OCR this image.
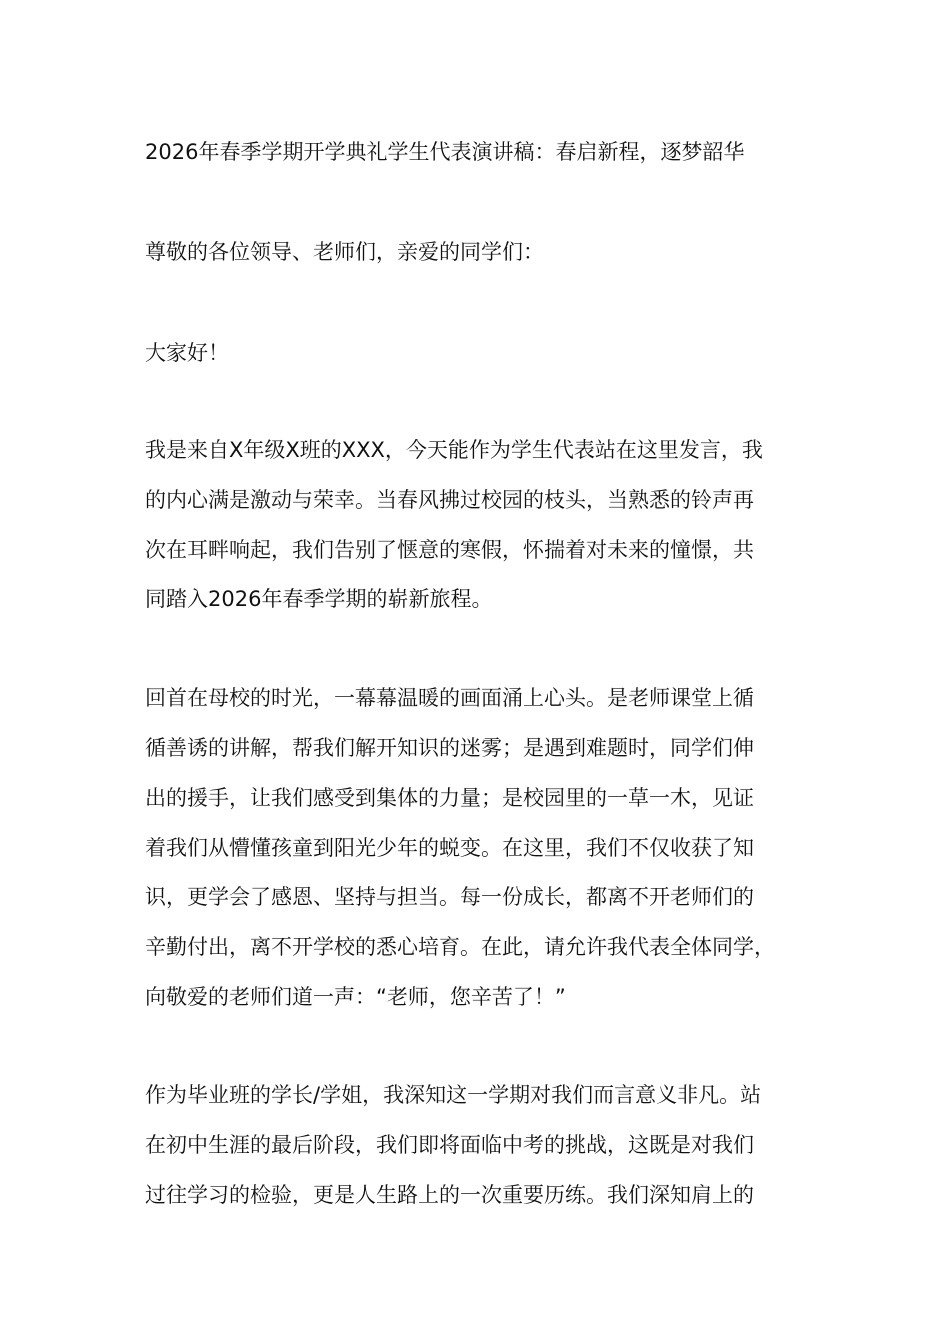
2026年春季学期开学典礼学生代表演讲稿：春启新程，逐梦韶华

尊敬的各位领导、老师们，亲爱的同学们：

大家好！

我是来自X年级X班的XXX，今天能作为学生代表站在这里发言，我

的内心满是激动与荣幸。当春风拂过校园的枝头，当熟悉的铃声再

次在耳畔响起，我们告别了惬意的寒假，怀揣着对未来的憧憬，共

同踏入2026年春季学期的崭新旅程。

回首在母校的时光，一幕幕温暖的画面涌上心头。是老师课堂上循

循善诱的讲解，帮我们解开知识的迷雾；是遇到难题时，同学们伸

出的援手，让我们感受到集体的力量；是校园里的一草一木，见证

着我们从懵懂孩童到阳光少年的蜕变。在这里，我们不仅收获了知

识，更学会了感恩、坚持与担当。每一份成长，都离不开老师们的

辛勤付出，离不开学校的悉心培育。在此，请允许我代表全体同学，

向敬爱的老师们道一声：“老师，您辛苦了！”

作为毕业班的学长/学姐，我深知这一学期对我们而言意义非凡。站

在初中生涯的最后阶段，我们即将面临中考的挑战，这既是对我们

过往学习的检验，更是人生路上的一次重要历练。我们深知肩上的
